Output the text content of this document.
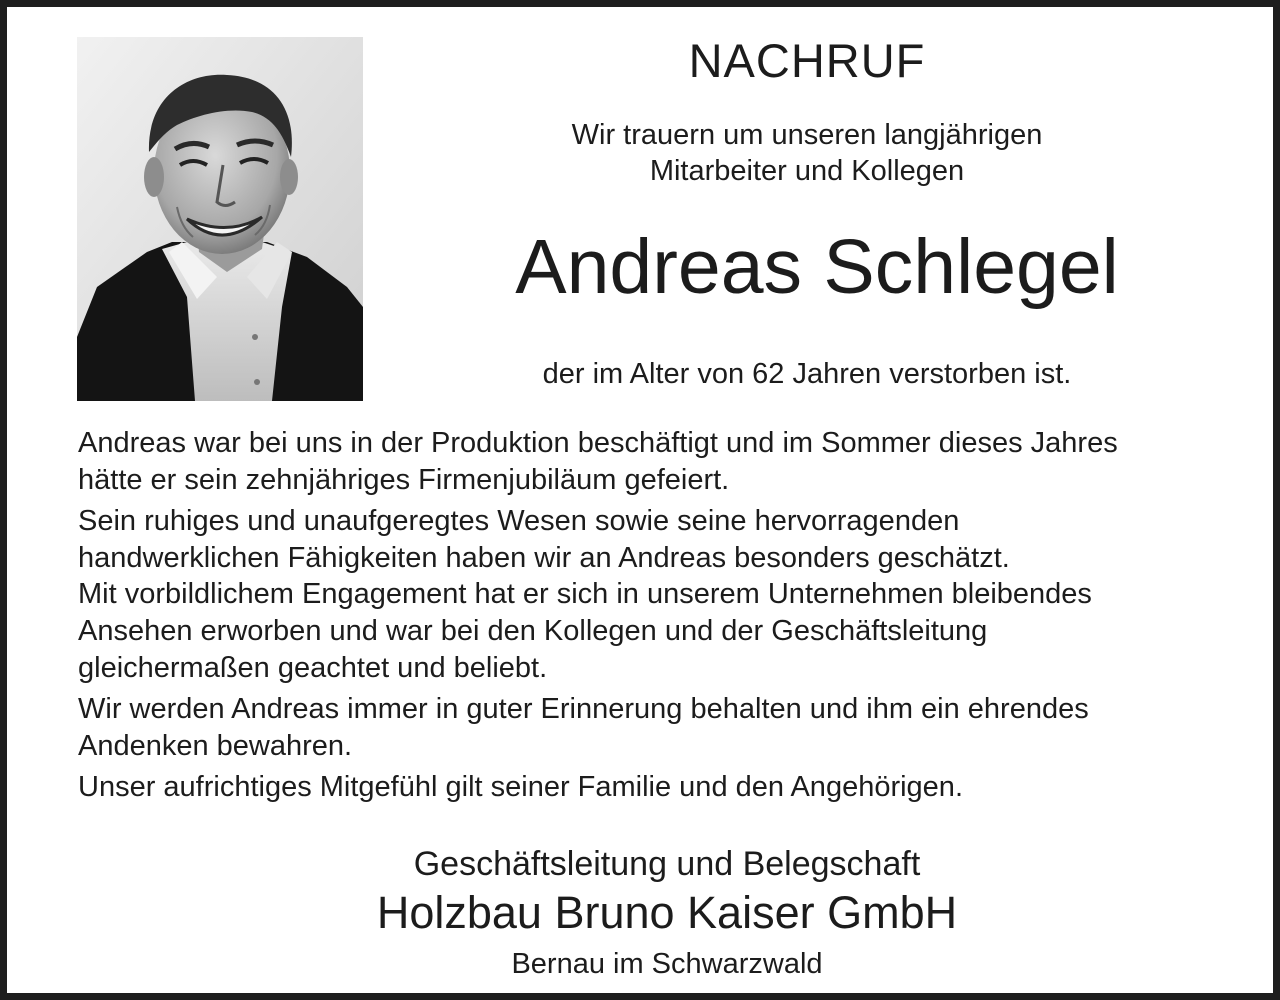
NACHRUF
Wir trauern um unseren langjährigen
Mitarbeiter und Kollegen
Andreas Schlegel
der im Alter von 62 Jahren verstorben ist.

Andreas war bei uns in der Produktion beschäftigt und im Sommer dieses Jahres
hätte er sein zehnjähriges Firmenjubiläum gefeiert.

Sein ruhiges und unaufgeregtes Wesen sowie seine hervorragenden
handwerklichen Fähigkeiten haben wir an Andreas besonders geschätzt.
Mit vorbildlichem Engagement hat er sich in unserem Unternehmen bleibendes
Ansehen erworben und war bei den Kollegen und der Geschäftsleitung
gleichermaßen geachtet und beliebt.

Wir werden Andreas immer in guter Erinnerung behalten und ihm ein ehrendes
Andenken bewahren.

Unser aufrichtiges Mitgefühl gilt seiner Familie und den Angehörigen.

Geschäftsleitung und Belegschaft
Holzbau Bruno Kaiser GmbH
Bernau im Schwarzwald
